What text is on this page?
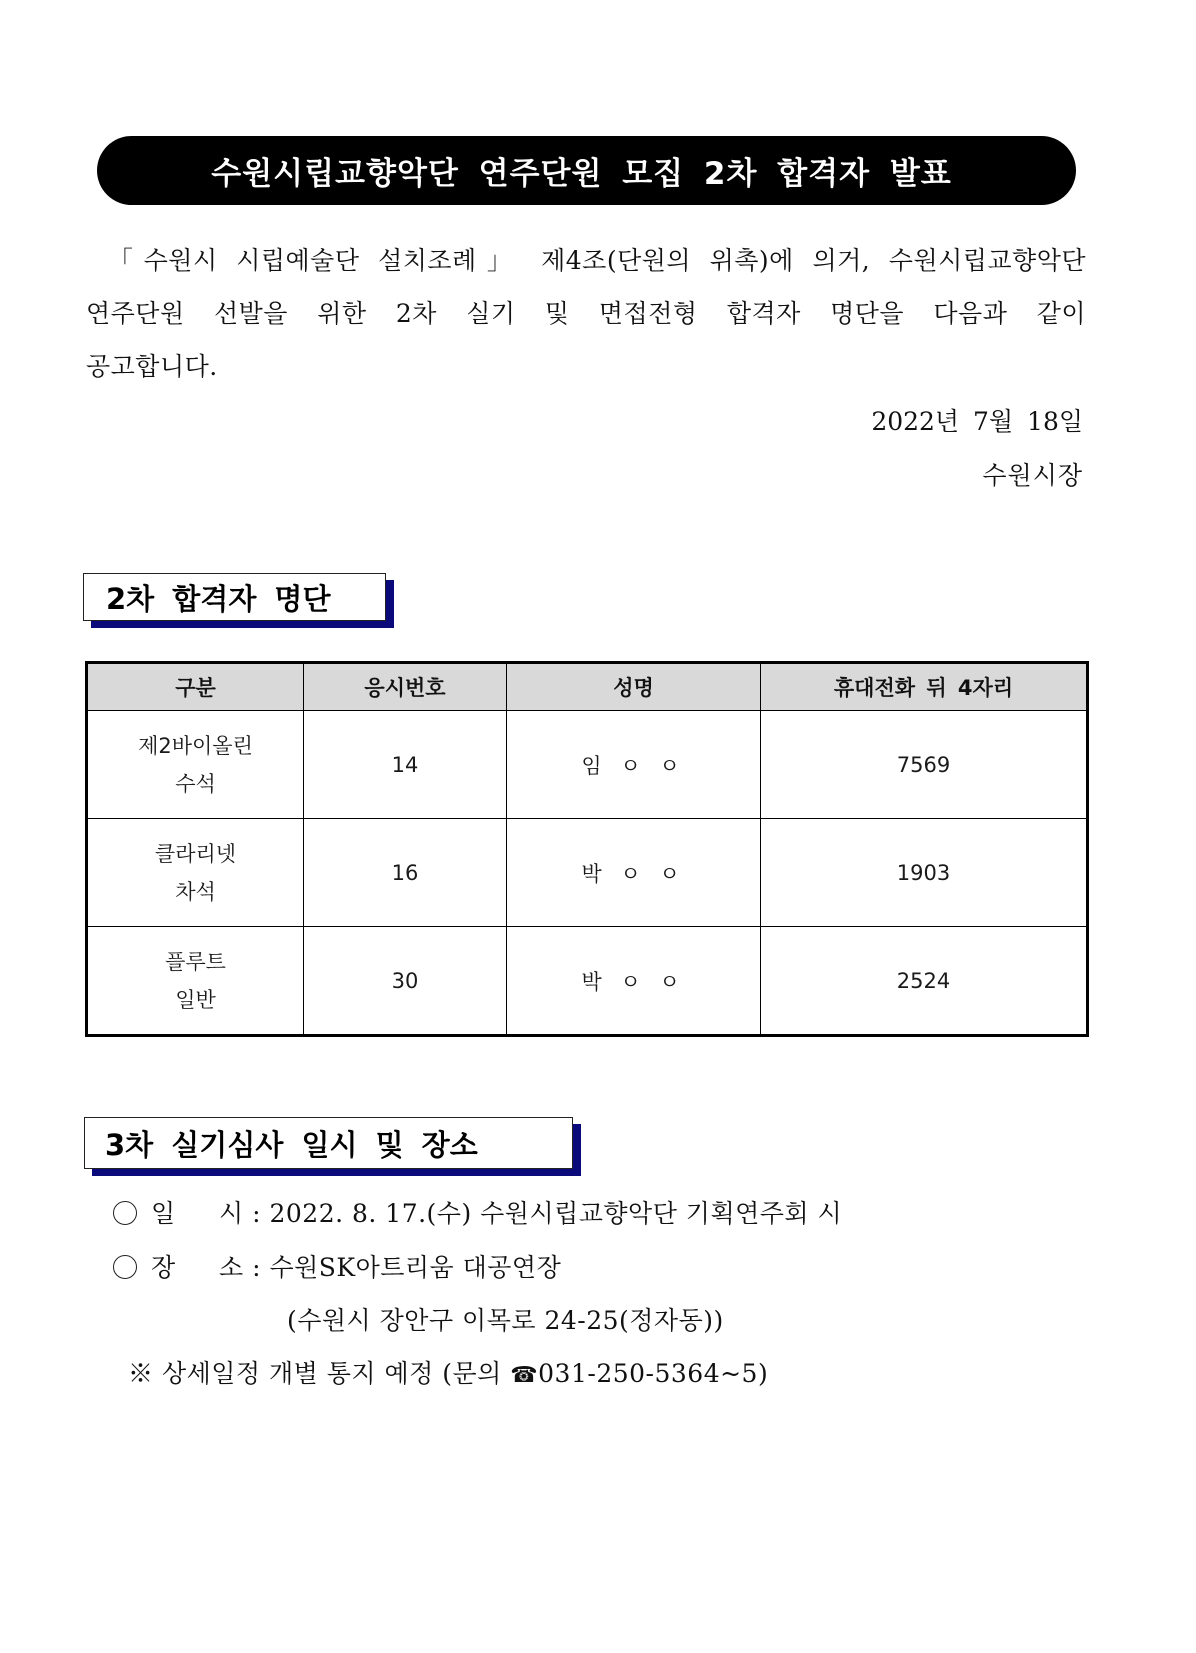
수원시립교향악단 연주단원 모집 2차 합격자 발표
「수원시 시립예술단 설치조례」 제4조(단원의 위촉)에 의거, 수원시립교향악단
연주단원 선발을 위한 2차 실기 및 면접전형 합격자 명단을 다음과 같이
공고합니다.
2022년 7월 18일
수원시장
2차 합격자 명단
구분	응시번호	성명	휴대전화 뒤 4자리

제2바이올린
수석	14	임 ㅇ ㅇ	7569

클라리넷
차석	16	박 ㅇ ㅇ	1903

플루트
일반	30	박 ㅇ ㅇ	2524
3차 실기심사 일시 및 장소
일 시 : 2022. 8. 17.(수) 수원시립교향악단 기획연주회 시
장 소 : 수원SK아트리움 대공연장
(수원시 장안구 이목로 24-25(정자동))
※ 상세일정 개별 통지 예정 (문의 ☎031-250-5364~5)
